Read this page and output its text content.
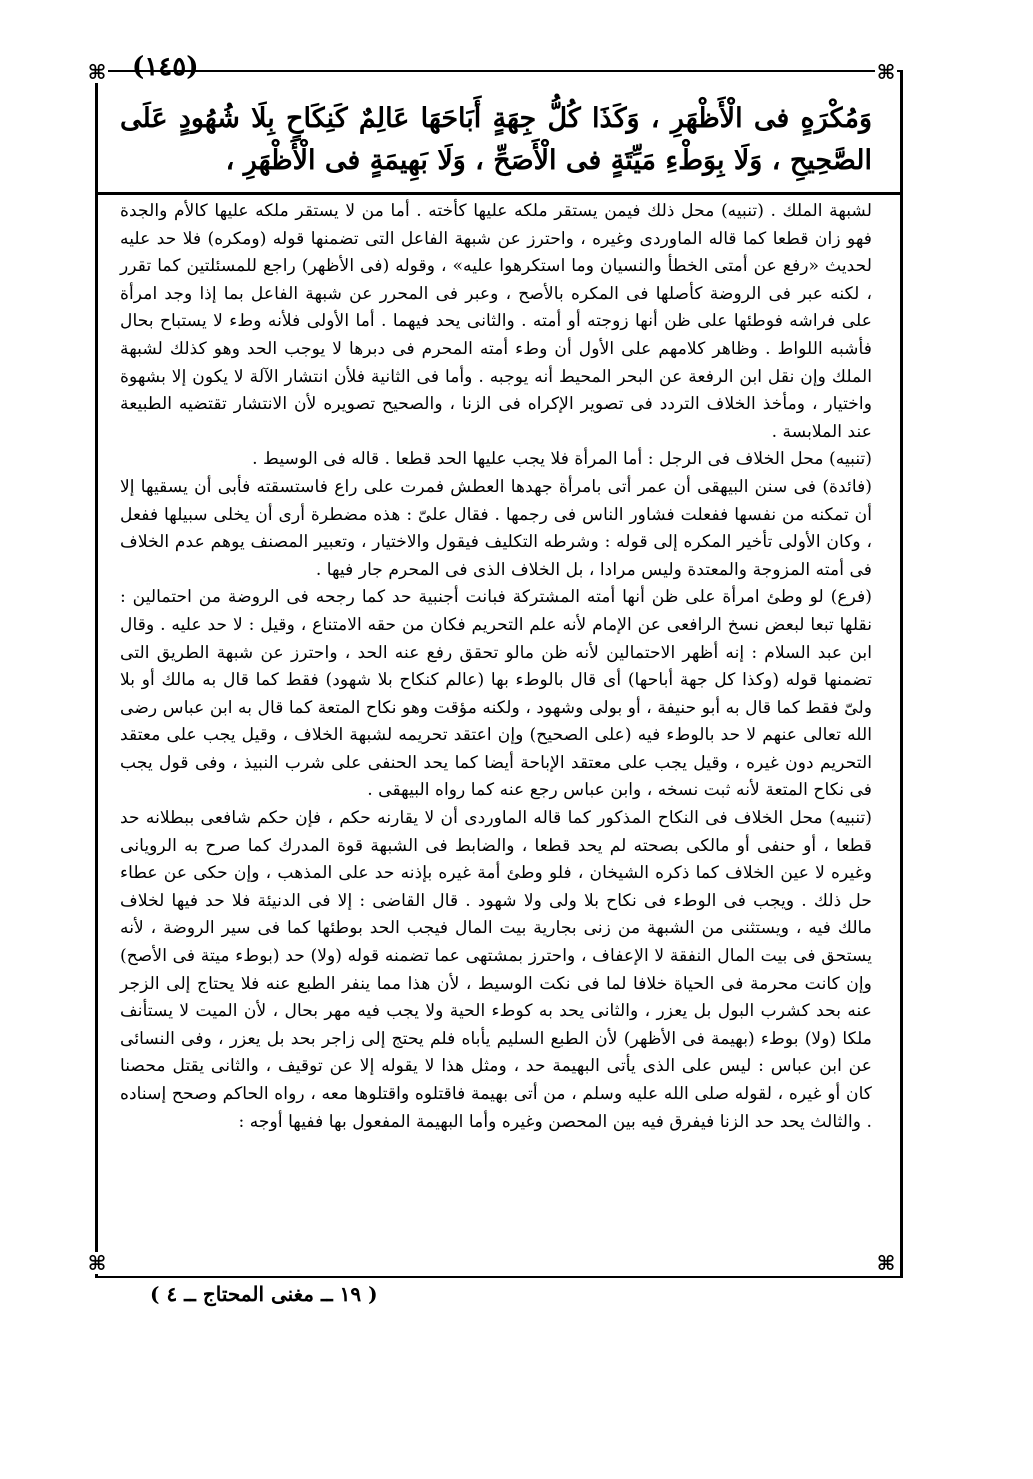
(١٤٥)
⌘	⌘
⌘	⌘
وَمُكْرَهٍ فى الْأَظْهَرِ ، وَكَذَا كُلُّ جِهَةٍ أَبَاحَهَا عَالِمٌ كَنِكَاحٍ بِلَا شُهُودٍ عَلَى الصَّحِيحِ ، وَلَا بِوَطْءِ مَيِّتَةٍ فى الْأَصَحِّ ، وَلَا بَهِيمَةٍ فى الْأَظْهَرِ ،

لشبهة الملك . (تنبيه) محل ذلك فيمن يستقر ملكه عليها كأخته . أما من لا يستقر ملكه عليها كالأم والجدة فهو زان قطعا كما قاله الماوردى وغيره ، واحترز عن شبهة الفاعل التى تضمنها قوله (ومكره) فلا حد عليه لحديث «رفع عن أمتى الخطأ والنسيان وما استكرهوا عليه» ، وقوله (فى الأظهر) راجع للمسئلتين كما تقرر ، لكنه عبر فى الروضة كأصلها فى المكره بالأصح ، وعبر فى المحرر عن شبهة الفاعل بما إذا وجد امرأة على فراشه فوطئها على ظن أنها زوجته أو أمته . والثانى يحد فيهما . أما الأولى فلأنه وطء لا يستباح بحال فأشبه اللواط . وظاهر كلامهم على الأول أن وطء أمته المحرم فى دبرها لا يوجب الحد وهو كذلك لشبهة الملك وإن نقل ابن الرفعة عن البحر المحيط أنه يوجبه . وأما فى الثانية فلأن انتشار الآلة لا يكون إلا بشهوة واختيار ، ومأخذ الخلاف التردد فى تصوير الإكراه فى الزنا ، والصحيح تصويره لأن الانتشار تقتضيه الطبيعة عند الملابسة .

(تنبيه) محل الخلاف فى الرجل : أما المرأة فلا يجب عليها الحد قطعا . قاله فى الوسيط .

(فائدة) فى سنن البيهقى أن عمر أتى بامرأة جهدها العطش فمرت على راع فاستسقته فأبى أن يسقيها إلا أن تمكنه من نفسها ففعلت فشاور الناس فى رجمها . فقال علىّ : هذه مضطرة أرى أن يخلى سبيلها ففعل ، وكان الأولى تأخير المكره إلى قوله : وشرطه التكليف فيقول والاختيار ، وتعبير المصنف يوهم عدم الخلاف فى أمته المزوجة والمعتدة وليس مرادا ، بل الخلاف الذى فى المحرم جار فيها .

(فرع) لو وطئ امرأة على ظن أنها أمته المشتركة فبانت أجنبية حد كما رجحه فى الروضة من احتمالين : نقلها تبعا لبعض نسخ الرافعى عن الإمام لأنه علم التحريم فكان من حقه الامتناع ، وقيل : لا حد عليه . وقال ابن عبد السلام : إنه أظهر الاحتمالين لأنه ظن مالو تحقق رفع عنه الحد ، واحترز عن شبهة الطريق التى تضمنها قوله (وكذا كل جهة أباحها) أى قال بالوطء بها (عالم كنكاح بلا شهود) فقط كما قال به مالك أو بلا ولىّ فقط كما قال به أبو حنيفة ، أو بولى وشهود ، ولكنه مؤقت وهو نكاح المتعة كما قال به ابن عباس رضى الله تعالى عنهم لا حد بالوطء فيه (على الصحيح) وإن اعتقد تحريمه لشبهة الخلاف ، وقيل يجب على معتقد التحريم دون غيره ، وقيل يجب على معتقد الإباحة أيضا كما يحد الحنفى على شرب النبيذ ، وفى قول يجب فى نكاح المتعة لأنه ثبت نسخه ، وابن عباس رجع عنه كما رواه البيهقى .

(تنبيه) محل الخلاف فى النكاح المذكور كما قاله الماوردى أن لا يقارنه حكم ، فإن حكم شافعى ببطلانه حد قطعا ، أو حنفى أو مالكى بصحته لم يحد قطعا ، والضابط فى الشبهة قوة المدرك كما صرح به الرويانى وغيره لا عين الخلاف كما ذكره الشيخان ، فلو وطئ أمة غيره بإذنه حد على المذهب ، وإن حكى عن عطاء حل ذلك . ويجب فى الوطء فى نكاح بلا ولى ولا شهود . قال القاضى : إلا فى الدنيئة فلا حد فيها لخلاف مالك فيه ، ويستثنى من الشبهة من زنى بجارية بيت المال فيجب الحد بوطئها كما فى سير الروضة ، لأنه يستحق فى بيت المال النفقة لا الإعفاف ، واحترز بمشتهى عما تضمنه قوله (ولا) حد (بوطء ميتة فى الأصح) وإن كانت محرمة فى الحياة خلافا لما فى نكت الوسيط ، لأن هذا مما ينفر الطبع عنه فلا يحتاج إلى الزجر عنه بحد كشرب البول بل يعزر ، والثانى يحد به كوطء الحية ولا يجب فيه مهر بحال ، لأن الميت لا يستأنف ملكا (ولا) بوطء (بهيمة فى الأظهر) لأن الطبع السليم يأباه فلم يحتج إلى زاجر بحد بل يعزر ، وفى النسائى عن ابن عباس : ليس على الذى يأتى البهيمة حد ، ومثل هذا لا يقوله إلا عن توقيف ، والثانى يقتل محصنا كان أو غيره ، لقوله صلى الله عليه وسلم ، من أتى بهيمة فاقتلوه واقتلوها معه ، رواه الحاكم وصحح إسناده . والثالث يحد حد الزنا فيفرق فيه بين المحصن وغيره وأما البهيمة المفعول بها ففيها أوجه :

( ١٩ ــ مغنى المحتاج ــ ٤ )
